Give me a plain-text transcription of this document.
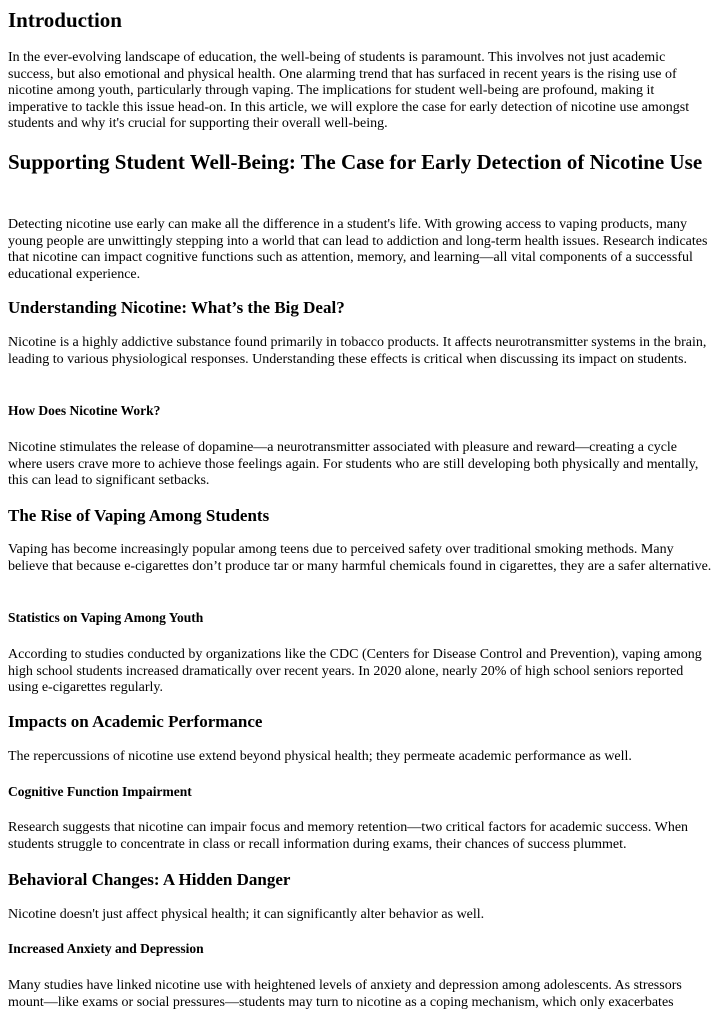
Introduction

In the ever-evolving landscape of education, the well-being of students is paramount. This involves not just academic success, but also emotional and physical health. One alarming trend that has surfaced in recent years is the rising use of nicotine among youth, particularly through vaping. The implications for student well-being are profound, making it imperative to tackle this issue head-on. In this article, we will explore the case for early detection of nicotine use amongst students and why it's crucial for supporting their overall well-being.

Supporting Student Well-Being: The Case for Early Detection of Nicotine Use

Detecting nicotine use early can make all the difference in a student's life. With growing access to vaping products, many young people are unwittingly stepping into a world that can lead to addiction and long-term health issues. Research indicates that nicotine can impact cognitive functions such as attention, memory, and learning—all vital components of a successful educational experience.

Understanding Nicotine: What’s the Big Deal?

Nicotine is a highly addictive substance found primarily in tobacco products. It affects neurotransmitter systems in the brain, leading to various physiological responses. Understanding these effects is critical when discussing its impact on students.

How Does Nicotine Work?

Nicotine stimulates the release of dopamine—a neurotransmitter associated with pleasure and reward—creating a cycle where users crave more to achieve those feelings again. For students who are still developing both physically and mentally, this can lead to significant setbacks.

The Rise of Vaping Among Students

Vaping has become increasingly popular among teens due to perceived safety over traditional smoking methods. Many believe that because e-cigarettes don’t produce tar or many harmful chemicals found in cigarettes, they are a safer alternative.

Statistics on Vaping Among Youth

According to studies conducted by organizations like the CDC (Centers for Disease Control and Prevention), vaping among high school students increased dramatically over recent years. In 2020 alone, nearly 20% of high school seniors reported using e-cigarettes regularly.

Impacts on Academic Performance

The repercussions of nicotine use extend beyond physical health; they permeate academic performance as well.

Cognitive Function Impairment

Research suggests that nicotine can impair focus and memory retention—two critical factors for academic success. When students struggle to concentrate in class or recall information during exams, their chances of success plummet.

Behavioral Changes: A Hidden Danger

Nicotine doesn't just affect physical health; it can significantly alter behavior as well.

Increased Anxiety and Depression

Many studies have linked nicotine use with heightened levels of anxiety and depression among adolescents. As stressors mount—like exams or social pressures—students may turn to nicotine as a coping mechanism, which only exacerbates
